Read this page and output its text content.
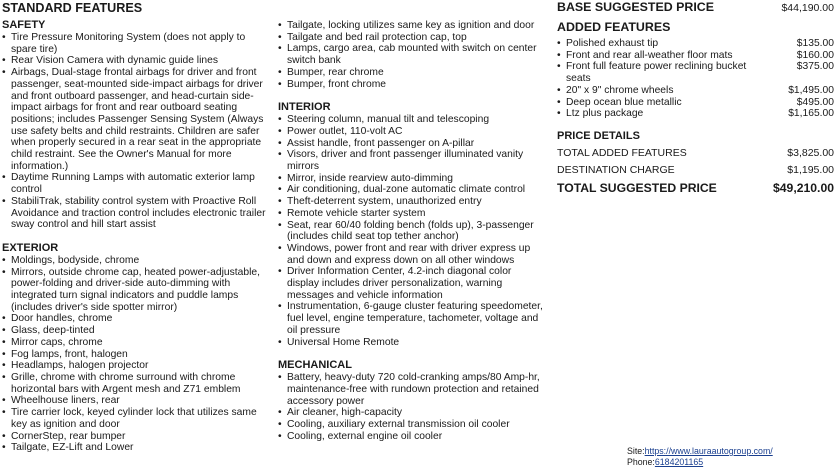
STANDARD FEATURES
SAFETY
• Tire Pressure Monitoring System (does not apply to spare tire)
• Rear Vision Camera with dynamic guide lines
• Airbags, Dual-stage frontal airbags for driver and front passenger, seat-mounted side-impact airbags for driver and front outboard passenger, and head-curtain side-impact airbags for front and rear outboard seating positions; includes Passenger Sensing System (Always use safety belts and child restraints. Children are safer when properly secured in a rear seat in the appropriate child restraint. See the Owner's Manual for more information.)
• Daytime Running Lamps with automatic exterior lamp control
• StabiliTrak, stability control system with Proactive Roll Avoidance and traction control includes electronic trailer sway control and hill start assist
EXTERIOR
• Moldings, bodyside, chrome
• Mirrors, outside chrome cap, heated power-adjustable, power-folding and driver-side auto-dimming with integrated turn signal indicators and puddle lamps (includes driver's side spotter mirror)
• Door handles, chrome
• Glass, deep-tinted
• Mirror caps, chrome
• Fog lamps, front, halogen
• Headlamps, halogen projector
• Grille, chrome with chrome surround with chrome horizontal bars with Argent mesh and Z71 emblem
• Wheelhouse liners, rear
• Tire carrier lock, keyed cylinder lock that utilizes same key as ignition and door
• CornerStep, rear bumper
• Tailgate, EZ-Lift and Lower
• Tailgate, locking utilizes same key as ignition and door
• Tailgate and bed rail protection cap, top
• Lamps, cargo area, cab mounted with switch on center switch bank
• Bumper, rear chrome
• Bumper, front chrome
INTERIOR
• Steering column, manual tilt and telescoping
• Power outlet, 110-volt AC
• Assist handle, front passenger on A-pillar
• Visors, driver and front passenger illuminated vanity mirrors
• Mirror, inside rearview auto-dimming
• Air conditioning, dual-zone automatic climate control
• Theft-deterrent system, unauthorized entry
• Remote vehicle starter system
• Seat, rear 60/40 folding bench (folds up), 3-passenger (includes child seat top tether anchor)
• Windows, power front and rear with driver express up and down and express down on all other windows
• Driver Information Center, 4.2-inch diagonal color display includes driver personalization, warning messages and vehicle information
• Instrumentation, 6-gauge cluster featuring speedometer, fuel level, engine temperature, tachometer, voltage and oil pressure
• Universal Home Remote
MECHANICAL
• Battery, heavy-duty 720 cold-cranking amps/80 Amp-hr, maintenance-free with rundown protection and retained accessory power
• Air cleaner, high-capacity
• Cooling, auxiliary external transmission oil cooler
• Cooling, external engine oil cooler
BASE SUGGESTED PRICE	$44,190.00
ADDED FEATURES
• Polished exhaust tip	$135.00
• Front and rear all-weather floor mats	$160.00
• Front full feature power reclining bucket seats
$375.00
• 20" x 9" chrome wheels	$1,495.00
• Deep ocean blue metallic	$495.00
• Ltz plus package	$1,165.00
PRICE DETAILS
TOTAL ADDED FEATURES	$3,825.00
DESTINATION CHARGE	$1,195.00
TOTAL SUGGESTED PRICE	$49,210.00
Site:https://www.lauraautogroup.com/
Phone:6184201165
